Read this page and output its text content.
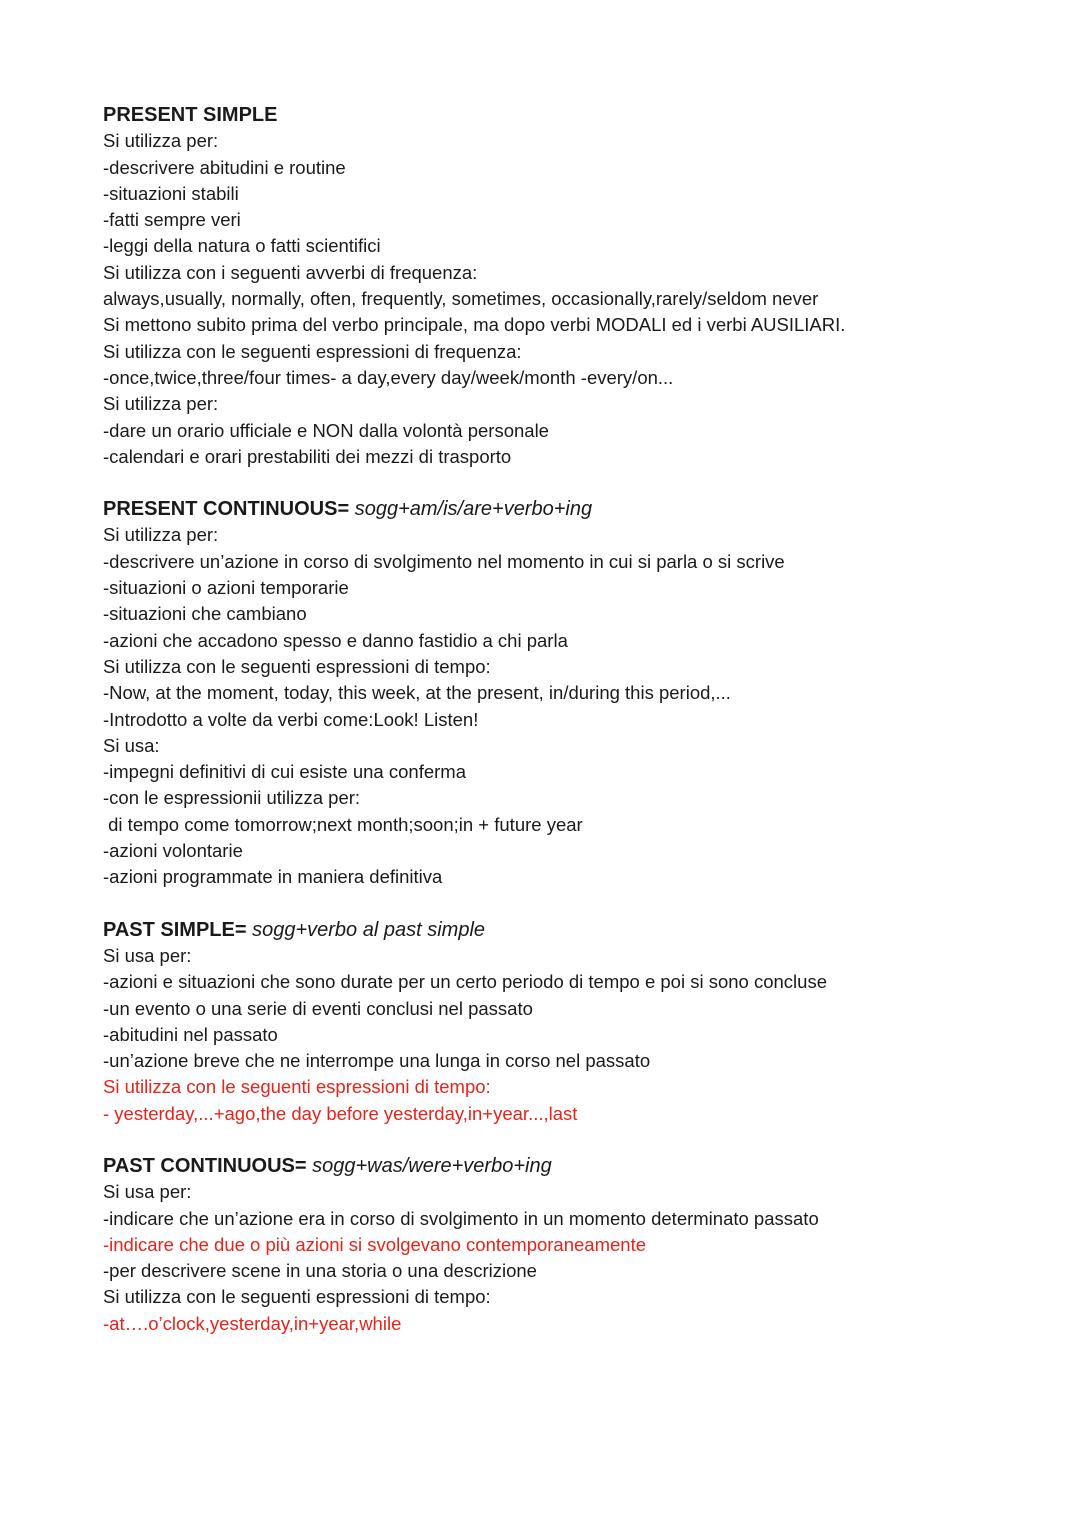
PRESENT SIMPLE
Si utilizza per:
-descrivere abitudini e routine
-situazioni stabili
-fatti sempre veri
-leggi della natura o fatti scientifici
Si utilizza con i seguenti avverbi di frequenza:
always,usually, normally, often, frequently, sometimes, occasionally,rarely/seldom never
Si mettono subito prima del verbo principale, ma dopo verbi MODALI ed i verbi AUSILIARI.
Si utilizza con le seguenti espressioni di frequenza:
-once,twice,three/four times- a day,every day/week/month -every/on...
Si utilizza per:
-dare un orario ufficiale e NON dalla volontà personale
-calendari e orari prestabiliti dei mezzi di trasporto
PRESENT CONTINUOUS= sogg+am/is/are+verbo+ing
Si utilizza per:
-descrivere un’azione in corso di svolgimento nel momento in cui si parla o si scrive
-situazioni o azioni temporarie
-situazioni che cambiano
-azioni che accadono spesso e danno fastidio a chi parla
Si utilizza con le seguenti espressioni di tempo:
-Now, at the moment, today, this week, at the present, in/during this period,...
-Introdotto a volte da verbi come:Look! Listen!
Si usa:
-impegni definitivi di cui esiste una conferma
-con le espressionii utilizza per:
di tempo come tomorrow;next month;soon;in + future year
-azioni volontarie
-azioni programmate in maniera definitiva
PAST SIMPLE= sogg+verbo al past simple
Si usa per:
-azioni e situazioni che sono durate per un certo periodo di tempo e poi si sono concluse
-un evento o una serie di eventi conclusi nel passato
-abitudini nel passato
-un’azione breve che ne interrompe una lunga in corso nel passato
Si utilizza con le seguenti espressioni di tempo:
- yesterday,...+ago,the day before yesterday,in+year...,last
PAST CONTINUOUS= sogg+was/were+verbo+ing
Si usa per:
-indicare che un’azione era in corso di svolgimento in un momento determinato passato
-indicare che due o più azioni si svolgevano contemporaneamente
-per descrivere scene in una storia o una descrizione
Si utilizza con le seguenti espressioni di tempo:
-at….o’clock,yesterday,in+year,while
